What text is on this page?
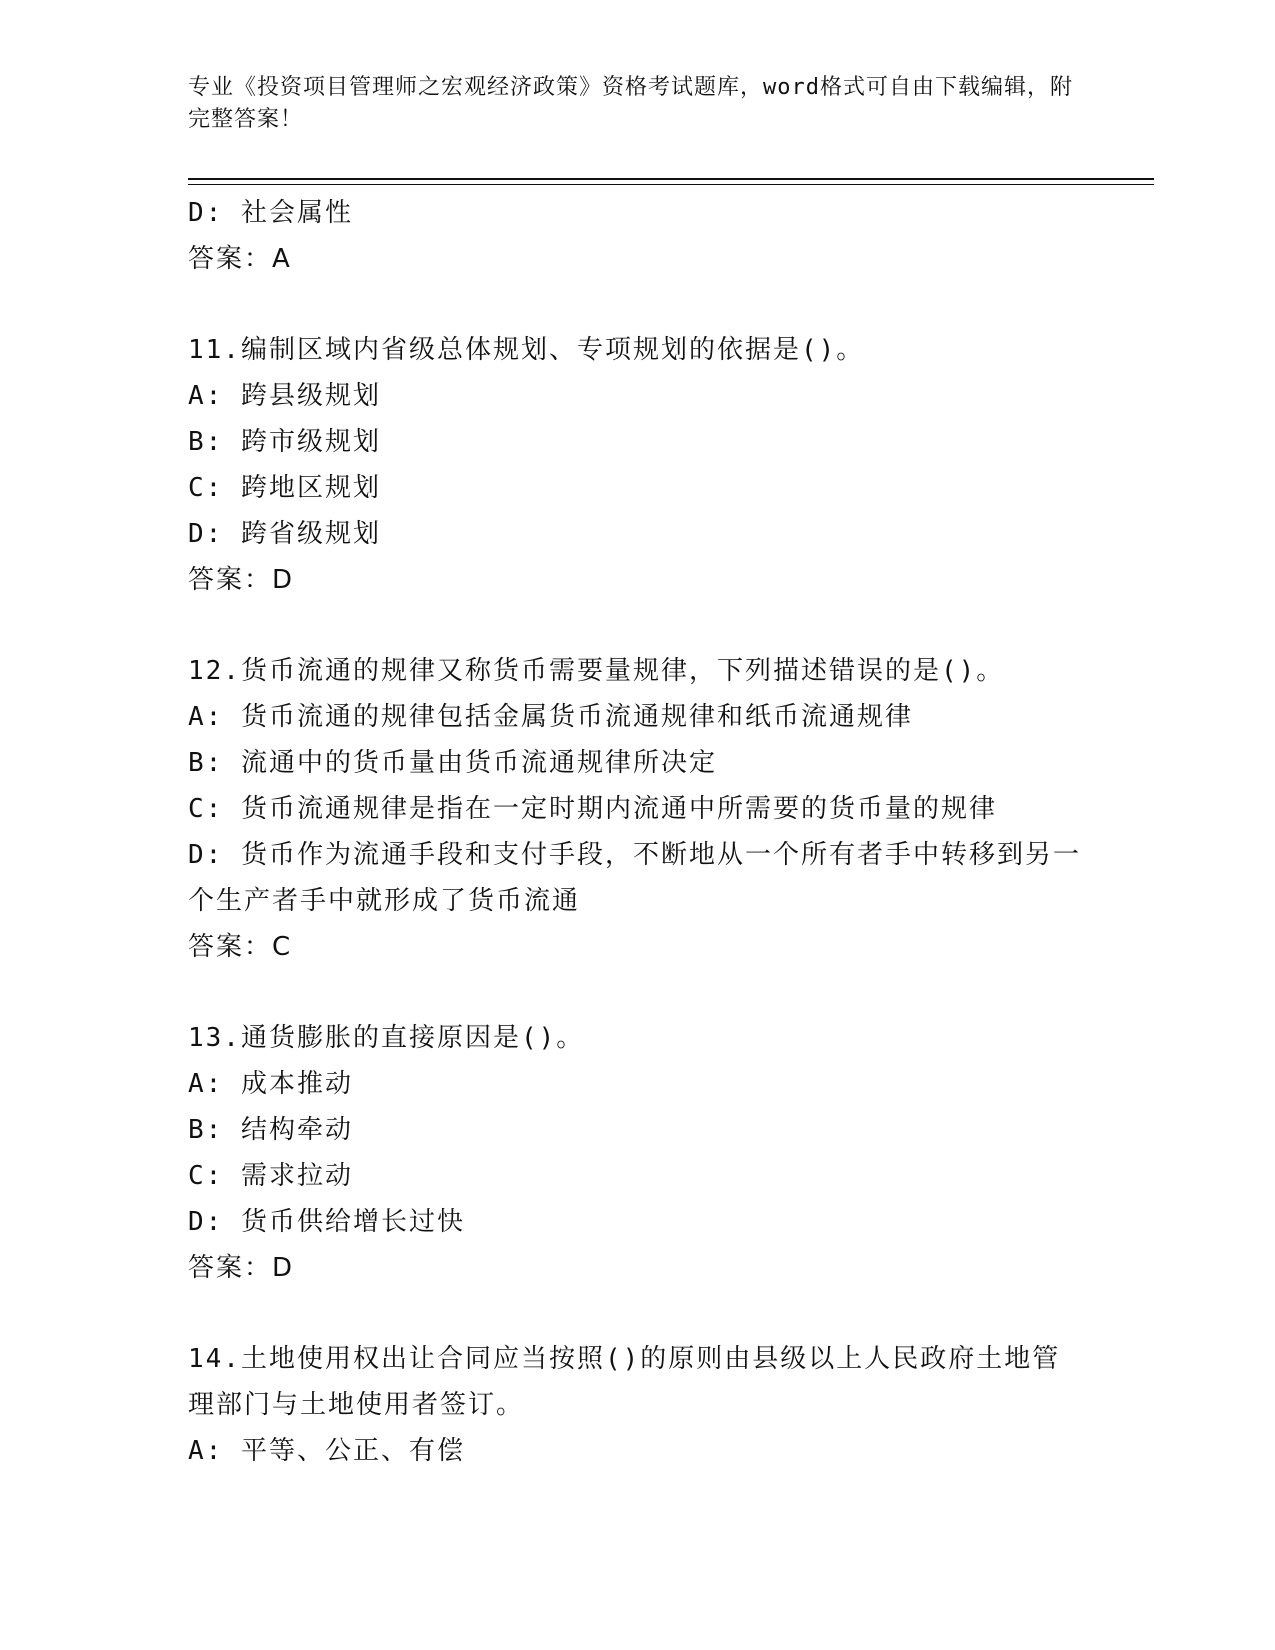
专业《投资项目管理师之宏观经济政策》资格考试题库，word格式可自由下载编辑，附完整答案！
D: 社会属性
答案：A
11.编制区域内省级总体规划、专项规划的依据是()。
A: 跨县级规划
B: 跨市级规划
C: 跨地区规划
D: 跨省级规划
答案：D
12.货币流通的规律又称货币需要量规律，下列描述错误的是()。
A: 货币流通的规律包括金属货币流通规律和纸币流通规律
B: 流通中的货币量由货币流通规律所决定
C: 货币流通规律是指在一定时期内流通中所需要的货币量的规律
D: 货币作为流通手段和支付手段，不断地从一个所有者手中转移到另一个生产者手中就形成了货币流通
答案：C
13.通货膨胀的直接原因是()。
A: 成本推动
B: 结构牵动
C: 需求拉动
D: 货币供给增长过快
答案：D
14.土地使用权出让合同应当按照()的原则由县级以上人民政府土地管理部门与土地使用者签订。
A: 平等、公正、有偿
